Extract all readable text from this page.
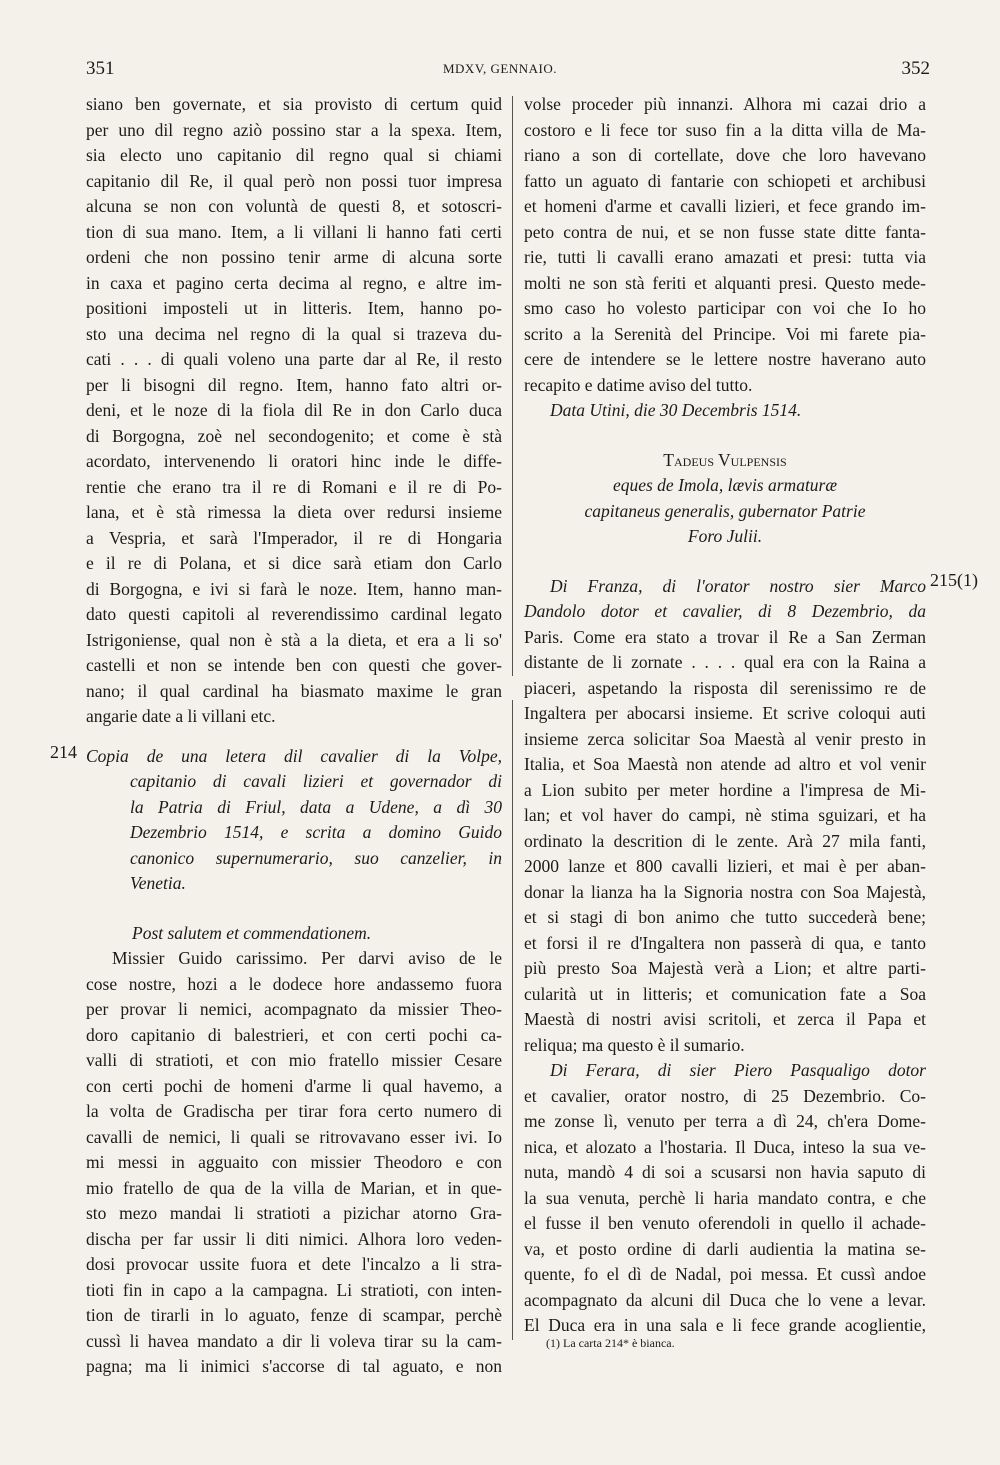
351	MDXV, GENNAIO.	352
214
215(1)
siano ben governate, et sia provisto di certum quid
per uno dil regno aziò possino star a la spexa. Item,
sia electo uno capitanio dil regno qual si chiami
capitanio dil Re, il qual però non possi tuor impresa
alcuna se non con voluntà de questi 8, et sotoscri-
tion di sua mano. Item, a li villani li hanno fati certi
ordeni che non possino tenir arme di alcuna sorte
in caxa et pagino certa decima al regno, e altre im-
positioni imposteli ut in litteris. Item, hanno po-
sto una decima nel regno di la qual si trazeva du-
cati . . . di quali voleno una parte dar al Re, il resto
per li bisogni dil regno. Item, hanno fato altri or-
deni, et le noze di la fiola dil Re in don Carlo duca
di Borgogna, zoè nel secondogenito; et come è stà
acordato, intervenendo li oratori hinc inde le diffe-
rentie che erano tra il re di Romani e il re di Po-
lana, et è stà rimessa la dieta over redursi insieme
a Vespria, et sarà l'Imperador, il re di Hongaria
e il re di Polana, et si dice sarà etiam don Carlo
di Borgogna, e ivi si farà le noze. Item, hanno man-
dato questi capitoli al reverendissimo cardinal legato
Istrigoniense, qual non è stà a la dieta, et era a li so'
castelli et non se intende ben con questi che gover-
nano; il qual cardinal ha biasmato maxime le gran
angarie date a li villani etc.
Copia de una letera dil cavalier di la Volpe,
capitanio di cavali lizieri et governador di
la Patria di Friul, data a Udene, a dì 30
Dezembrio 1514, e scrita a domino Guido
canonico supernumerario, suo canzelier, in
Venetia.
Post salutem et commendationem.
Missier Guido carissimo. Per darvi aviso de le
cose nostre, hozi a le dodece hore andassemo fuora
per provar li nemici, acompagnato da missier Theo-
doro capitanio di balestrieri, et con certi pochi ca-
valli di stratioti, et con mio fratello missier Cesare
con certi pochi de homeni d'arme li qual havemo, a
la volta de Gradischa per tirar fora certo numero di
cavalli de nemici, li quali se ritrovavano esser ivi. Io
mi messi in agguaito con missier Theodoro e con
mio fratello de qua de la villa de Marian, et in que-
sto mezo mandai li stratioti a pizichar atorno Gra-
discha per far ussir li diti nimici. Alhora loro veden-
dosi provocar ussite fuora et dete l'incalzo a li stra-
tioti fin in capo a la campagna. Li stratioti, con inten-
tion de tirarli in lo aguato, fenze di scampar, perchè
cussì li havea mandato a dir li voleva tirar su la cam-
pagna; ma li inimici s'accorse di tal aguato, e non
volse proceder più innanzi. Alhora mi cazai drio a
costoro e li fece tor suso fin a la ditta villa de Ma-
riano a son di cortellate, dove che loro havevano
fatto un aguato di fantarie con schiopeti et archibusi
et homeni d'arme et cavalli lizieri, et fece grando im-
peto contra de nui, et se non fusse state ditte fanta-
rie, tutti li cavalli erano amazati et presi: tutta via
molti ne son stà feriti et alquanti presi. Questo mede-
smo caso ho volesto participar con voi che Io ho
scrito a la Serenità del Principe. Voi mi farete pia-
cere de intendere se le lettere nostre haverano auto
recapito e datime aviso del tutto.
Data Utini, die 30 Decembris 1514.
Tadeus Vulpensis
eques de Imola, lævis armaturæ
capitaneus generalis, gubernator Patrie
Foro Julii.
Di Franza, di l'orator nostro sier Marco
Dandolo dotor et cavalier, di 8 Dezembrio, da
Paris. Come era stato a trovar il Re a San Zerman
distante de li zornate . . . . qual era con la Raina a
piaceri, aspetando la risposta dil serenissimo re de
Ingaltera per abocarsi insieme. Et scrive coloqui auti
insieme zerca solicitar Soa Maestà al venir presto in
Italia, et Soa Maestà non atende ad altro et vol venir
a Lion subito per meter hordine a l'impresa de Mi-
lan; et vol haver do campi, nè stima sguizari, et ha
ordinato la descrition di le zente. Arà 27 mila fanti,
2000 lanze et 800 cavalli lizieri, et mai è per aban-
donar la lianza ha la Signoria nostra con Soa Majestà,
et si stagi di bon animo che tutto succederà bene;
et forsi il re d'Ingaltera non passerà di qua, e tanto
più presto Soa Majestà verà a Lion; et altre parti-
cularità ut in litteris; et comunication fate a Soa
Maestà di nostri avisi scritoli, et zerca il Papa et
reliqua; ma questo è il sumario.
Di Ferara, di sier Piero Pasqualigo dotor
et cavalier, orator nostro, di 25 Dezembrio. Co-
me zonse lì, venuto per terra a dì 24, ch'era Dome-
nica, et alozato a l'hostaria. Il Duca, inteso la sua ve-
nuta, mandò 4 di soi a scusarsi non havia saputo di
la sua venuta, perchè li haria mandato contra, e che
el fusse il ben venuto oferendoli in quello il achade-
va, et posto ordine di darli audientia la matina se-
quente, fo el dì de Nadal, poi messa. Et cussì andoe
acompagnato da alcuni dil Duca che lo vene a levar.
El Duca era in una sala e li fece grande acoglientie,
(1) La carta 214* è bianca.
